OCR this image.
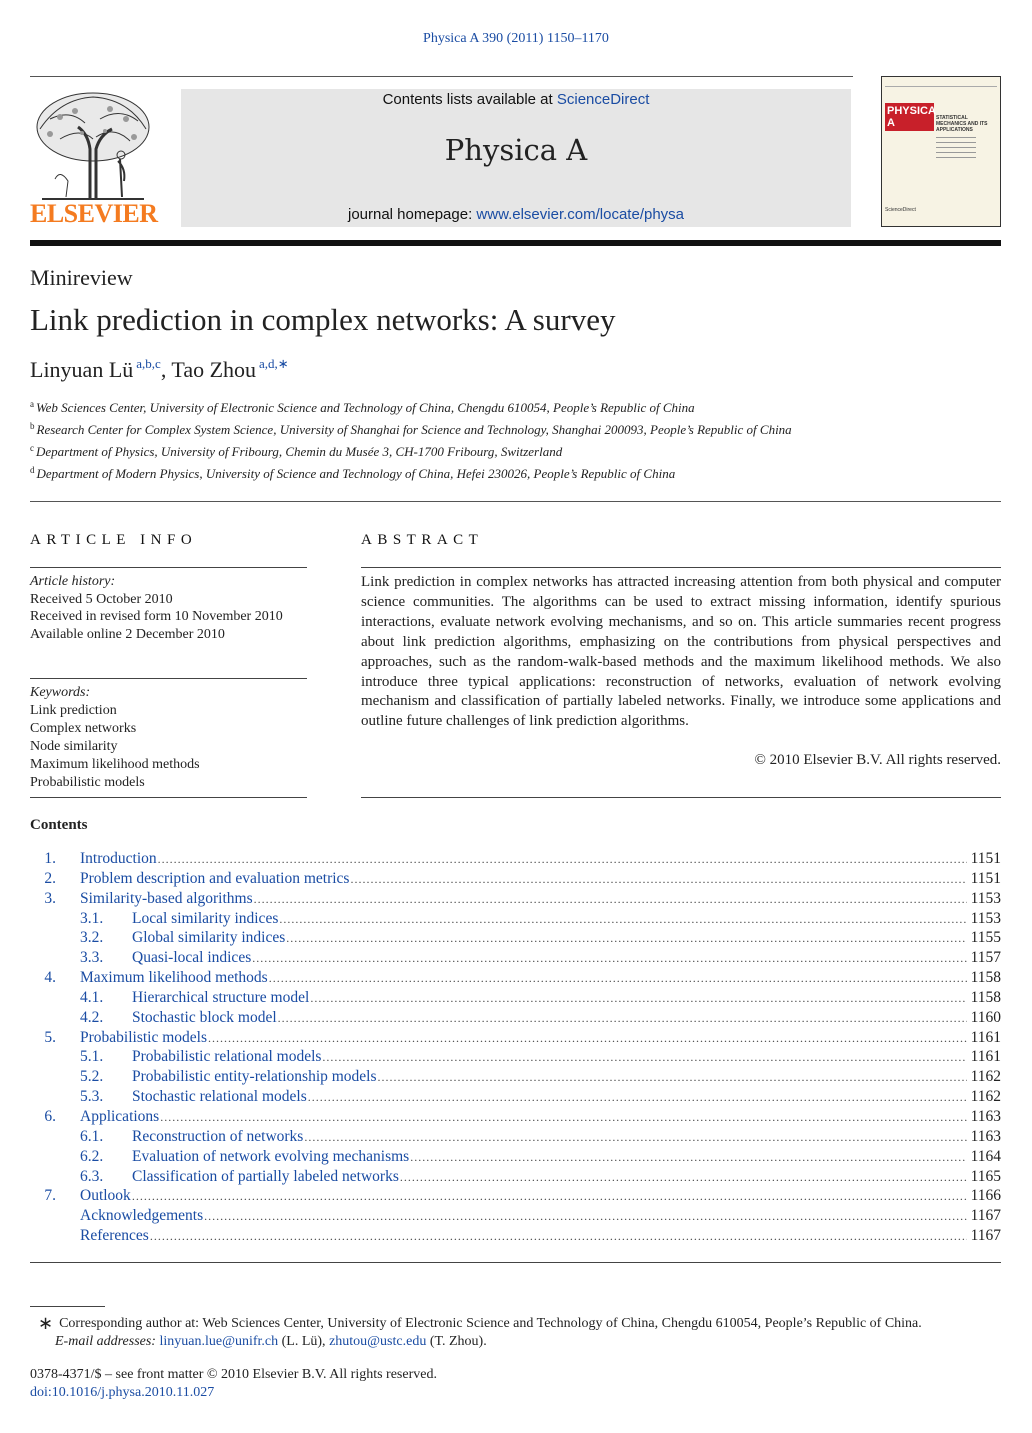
Physica A 390 (2011) 1150–1170
ELSEVIER
Contents lists available at ScienceDirect
Physica A
journal homepage: www.elsevier.com/locate/physa
PHYSICA A	STATISTICAL MECHANICS AND ITS APPLICATIONS
ScienceDirect
Minireview
Link prediction in complex networks: A survey
Linyuan Lü $^{a,b,c}$, Tao Zhou $^{a,d,∗}$
$^a$ Web Sciences Center, University of Electronic Science and Technology of China, Chengdu 610054, People’s Republic of China
$^b$ Research Center for Complex System Science, University of Shanghai for Science and Technology, Shanghai 200093, People’s Republic of China
$^c$ Department of Physics, University of Fribourg, Chemin du Musée 3, CH-1700 Fribourg, Switzerland
$^d$ Department of Modern Physics, University of Science and Technology of China, Hefei 230026, People’s Republic of China
ARTICLE INFO	ABSTRACT
Article history:
Received 5 October 2010
Received in revised form 10 November 2010
Available online 2 December 2010
Keywords:
Link prediction
Complex networks
Node similarity
Maximum likelihood methods
Probabilistic models
Link prediction in complex networks has attracted increasing attention from both physical and computer science communities. The algorithms can be used to extract missing information, identify spurious interactions, evaluate network evolving mechanisms, and so on. This article summaries recent progress about link prediction algorithms, emphasizing on the contributions from physical perspectives and approaches, such as the random-walk-based methods and the maximum likelihood methods. We also introduce three typical applications: reconstruction of networks, evaluation of network evolving mechanism and classification of partially labeled networks. Finally, we introduce some applications and outline future challenges of link prediction algorithms.
© 2010 Elsevier B.V. All rights reserved.
Contents
1. Introduction .....	1151
2. Problem description and evaluation metrics .....	1151
3. Similarity-based algorithms .....	1153
3.1. Local similarity indices .....	1153
3.2. Global similarity indices .....	1155
3.3. Quasi-local indices .....	1157
4. Maximum likelihood methods .....	1158
4.1. Hierarchical structure model .....	1158
4.2. Stochastic block model .....	1160
5. Probabilistic models .....	1161
5.1. Probabilistic relational models .....	1161
5.2. Probabilistic entity-relationship models .....	1162
5.3. Stochastic relational models .....	1162
6. Applications .....	1163
6.1. Reconstruction of networks .....	1163
6.2. Evaluation of network evolving mechanisms .....	1164
6.3. Classification of partially labeled networks .....	1165
7. Outlook .....	1166
Acknowledgements .....	1167
References .....	1167
∗ Corresponding author at: Web Sciences Center, University of Electronic Science and Technology of China, Chengdu 610054, People’s Republic of China.
E-mail addresses: linyuan.lue@unifr.ch (L. Lü), zhutou@ustc.edu (T. Zhou).
0378-4371/$ – see front matter © 2010 Elsevier B.V. All rights reserved.
doi:10.1016/j.physa.2010.11.027
